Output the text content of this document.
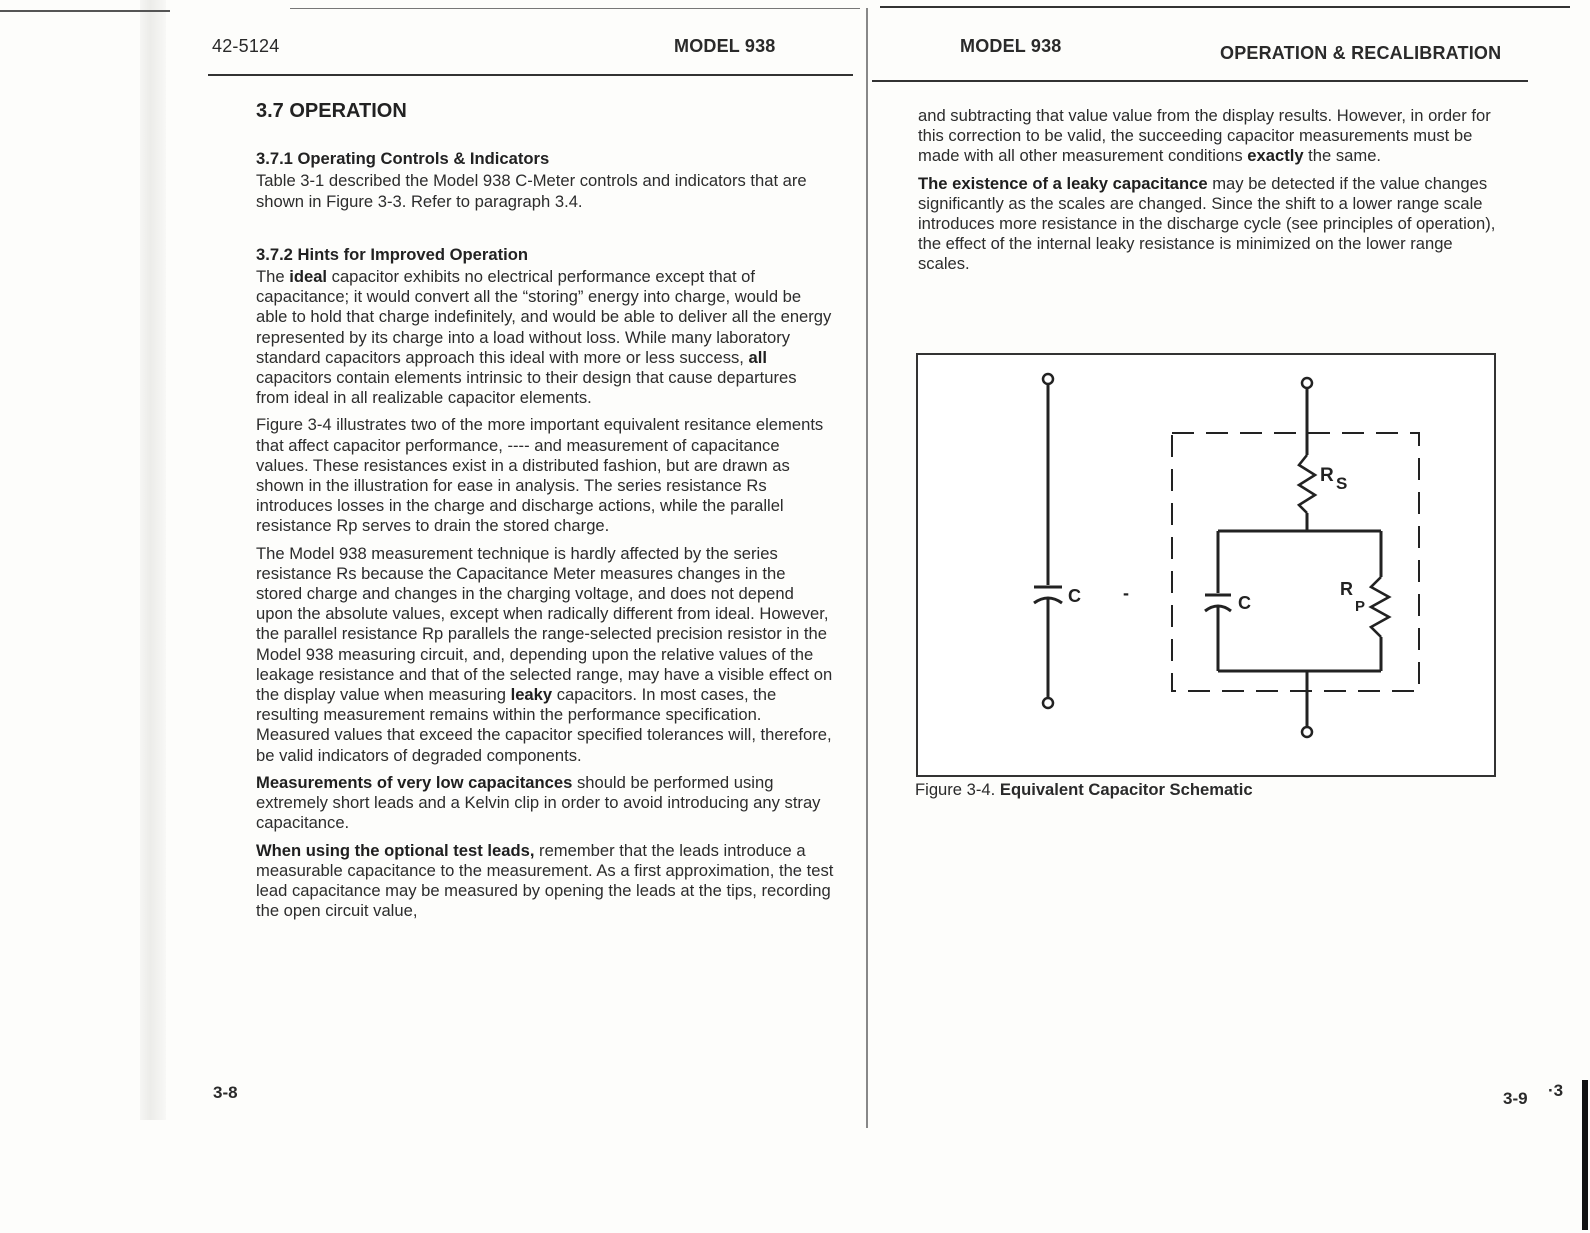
42-5124	MODEL 938
3.7 OPERATION
3.7.1 Operating Controls & Indicators

Table 3-1 described the Model 938 C-Meter controls and indicators that are shown in Figure 3-3. Refer to paragraph 3.4.

3.7.2 Hints for Improved Operation

The ideal capacitor exhibits no electrical performance except that of capacitance; it would convert all the “storing” energy into charge, would be able to hold that charge indefinitely, and would be able to deliver all the energy represented by its charge into a load without loss. While many laboratory standard capacitors approach this ideal with more or less success, all capacitors contain elements intrinsic to their design that cause departures from ideal in all realizable capacitor elements.

Figure 3-4 illustrates two of the more important equivalent resitance elements that affect capacitor performance, ---- and measurement of capacitance values. These resistances exist in a distributed fashion, but are drawn as shown in the illustration for ease in analysis. The series resistance Rs introduces losses in the charge and discharge actions, while the parallel resistance Rp serves to drain the stored charge.

The Model 938 measurement technique is hardly affected by the series resistance Rs because the Capacitance Meter measures changes in the stored charge and changes in the charging voltage, and does not depend upon the absolute values, except when radically different from ideal. However, the parallel resistance Rp parallels the range-selected precision resistor in the Model 938 measuring circuit, and, depending upon the relative values of the leakage resistance and that of the selected range, may have a visible effect on the display value when measuring leaky capacitors. In most cases, the resulting measurement remains within the performance specification. Measured values that exceed the capacitor specified tolerances will, therefore, be valid indicators of degraded components.

Measurements of very low capacitances should be performed using extremely short leads and a Kelvin clip in order to avoid introducing any stray capacitance.

When using the optional test leads, remember that the leads introduce a measurable capacitance to the measurement. As a first approximation, the test lead capacitance may be measured by opening the leads at the tips, recording the open circuit value,

3-8
MODEL 938	OPERATION & RECALIBRATION

and subtracting that value value from the display results. However, in order for this correction to be valid, the succeeding capacitor measurements must be made with all other measurement conditions exactly the same.

The existence of a leaky capacitance may be detected if the value changes significantly as the scales are changed. Since the shift to a lower range scale introduces more resistance in the discharge cycle (see principles of operation), the effect of the internal leaky resistance is minimized on the lower range scales.

C -
R S
C
R
P
Figure 3-4. Equivalent Capacitor Schematic
3-9 ·3
